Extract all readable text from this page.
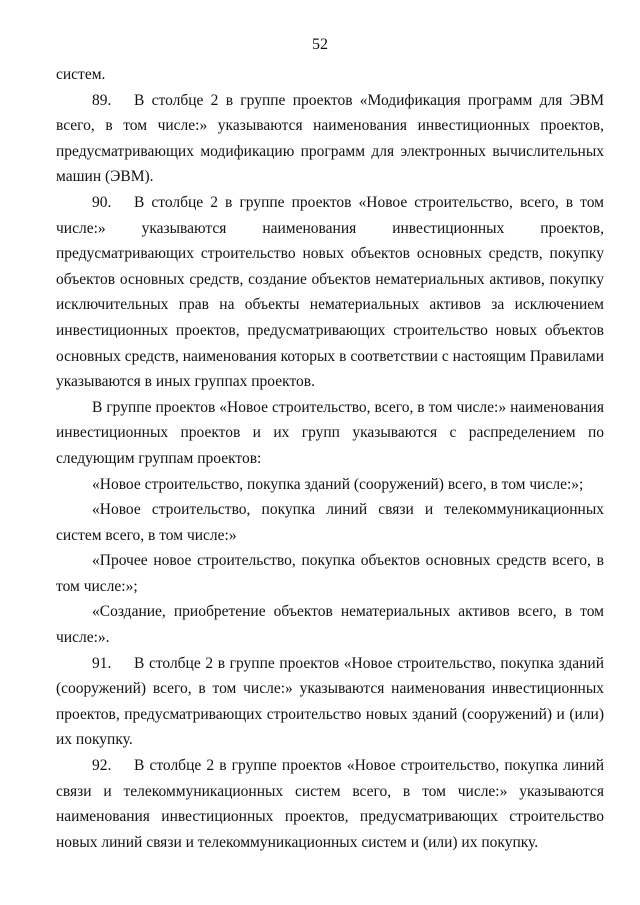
52

систем.

89. В столбце 2 в группе проектов «Модификация программ для ЭВМ всего, в том числе:» указываются наименования инвестиционных проектов, предусматривающих модификацию программ для электронных вычислительных машин (ЭВМ).

90. В столбце 2 в группе проектов «Новое строительство, всего, в том числе:» указываются наименования инвестиционных проектов, предусматривающих строительство новых объектов основных средств, покупку объектов основных средств, создание объектов нематериальных активов, покупку исключительных прав на объекты нематериальных активов за исключением инвестиционных проектов, предусматривающих строительство новых объектов основных средств, наименования которых в соответствии с настоящим Правилами указываются в иных группах проектов.

В группе проектов «Новое строительство, всего, в том числе:» наименования инвестиционных проектов и их групп указываются с распределением по следующим группам проектов:

«Новое строительство, покупка зданий (сооружений) всего, в том числе:»;

«Новое строительство, покупка линий связи и телекоммуникационных систем всего, в том числе:»

«Прочее новое строительство, покупка объектов основных средств всего, в том числе:»;

«Создание, приобретение объектов нематериальных активов всего, в том числе:».

91. В столбце 2 в группе проектов «Новое строительство, покупка зданий (сооружений) всего, в том числе:» указываются наименования инвестиционных проектов, предусматривающих строительство новых зданий (сооружений) и (или) их покупку.

92. В столбце 2 в группе проектов «Новое строительство, покупка линий связи и телекоммуникационных систем всего, в том числе:» указываются наименования инвестиционных проектов, предусматривающих строительство новых линий связи и телекоммуникационных систем и (или) их покупку.
